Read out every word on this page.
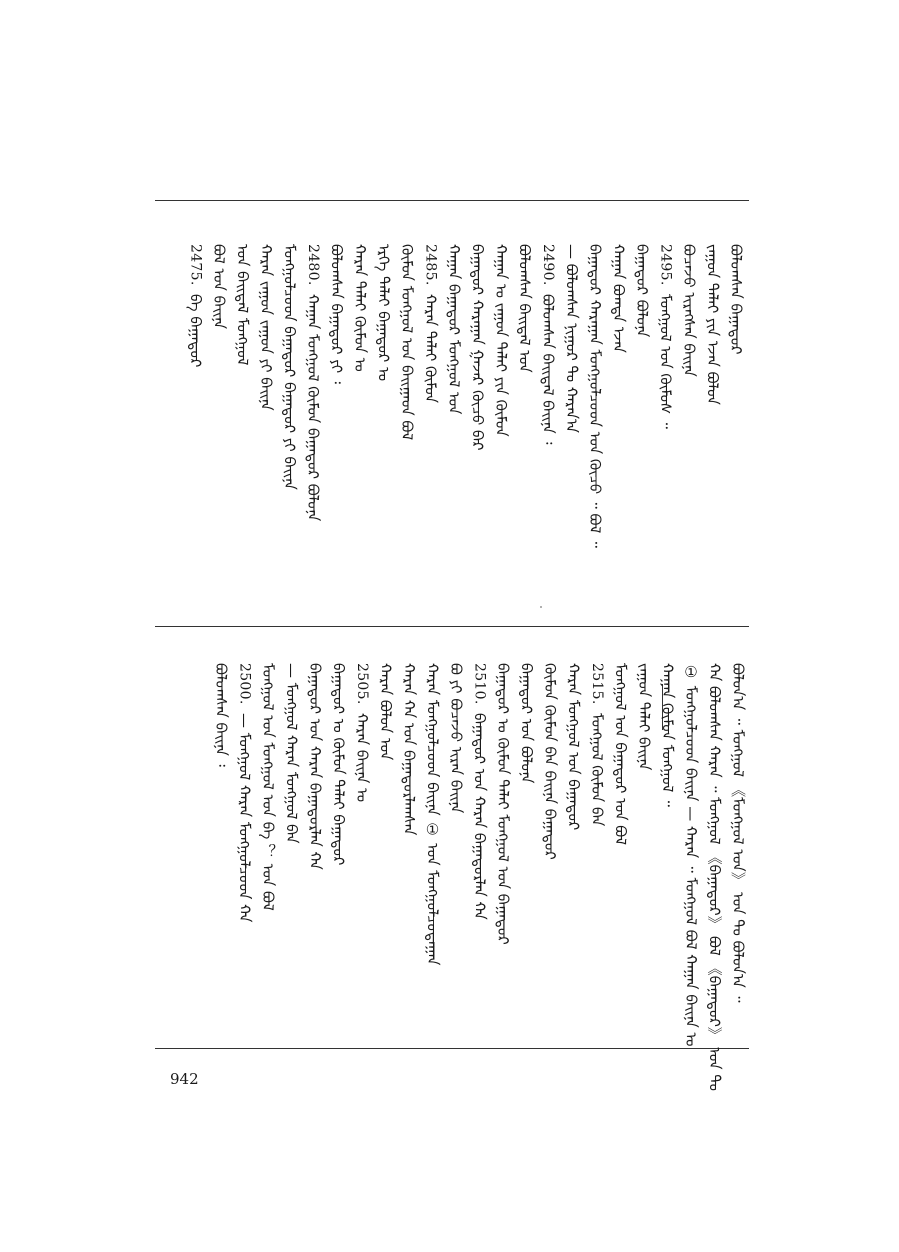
ᠪᠣᠯᠤᠭᠰᠠᠨ ᠪᠠᠭᠠᠳᠤᠷ
ᠵᠠᠭᠤᠨ ᠳᠠᠯᠠᠢ ᠶᠢᠨ ᠡᠵᠡᠨ ᠪᠣᠯᠣᠨ
ᠪᠤᠴᠠᠵᠤ ᠢᠷᠡᠭᠰᠡᠨ ᠪᠠᠢᠨᠠ
2495.ᠮᠣᠩᠭᠣᠯ ᠤᠨ ᠬᠦᠮᠦᠰ ᠃
ᠪᠠᠭᠠᠳᠤᠷ ᠪᠣᠯᠤᠨᠠ
ᠬᠠᠭᠠᠨ ᠪᠣᠭᠳᠠ ᠡᠵᠡᠨ
ᠪᠠᠭᠠᠳᠤᠷ ᠬᠠᠷᠠᠭᠠᠨ ᠮᠣᠩᠭᠣᠯᠴᠤᠳ ᠤᠨ ᠬᠦᠴᠦ ᠃ ᠪᠣᠯ ᠃
— ᠪᠣᠯᠤᠭᠰᠠᠨ ᠨᠢᠭᠤᠷ ᠲᠤ ᠬᠠᠷᠠᠨ᠎ᠠ
2490.ᠪᠣᠯᠤᠭᠰᠠᠨ ᠪᠠᠢᠳᠠᠯ ᠪᠠᠢᠨᠠ ᠄
ᠪᠣᠯᠤᠭᠰᠠᠨ ᠪᠠᠢᠳᠠᠯ ᠤᠨ
ᠬᠠᠭᠠᠨ ᠤ ᠵᠠᠭᠤᠨ ᠳᠠᠯᠠᠢ ᠶᠢᠨ ᠬᠦᠮᠦᠨ
ᠪᠠᠭᠠᠳᠤᠷ ᠬᠠᠷᠠᠭᠠᠨ ᠭᠠᠵᠠᠷ ᠬᠦᠴᠦ ᠪᠡᠷ
ᠬᠠᠭᠠᠨ ᠪᠠᠭᠠᠳᠤᠷ ᠮᠣᠩᠭᠣᠯ ᠤᠨ
2485.ᠬᠠᠷᠠᠨ ᠳᠠᠯᠠᠢ ᠬᠦᠮᠦᠨ
ᠬᠦᠮᠦᠨ ᠮᠣᠩᠭᠣᠯ ᠤᠨ ᠪᠠᠢᠭᠠᠳ ᠪᠣᠯ
ᠡᠷᠬᠡ ᠳᠠᠯᠠᠢ ᠪᠠᠭᠠᠳᠤᠷ ᠤ
ᠬᠠᠷᠠᠨ ᠳᠠᠯᠠᠢ ᠬᠦᠮᠦᠨ ᠤ
ᠪᠣᠯᠤᠭᠰᠠᠨ ᠪᠠᠭᠠᠳᠤᠷ ᠶᠢ ᠄
2480.ᠬᠠᠭᠠᠨ ᠮᠣᠩᠭᠣᠯ ᠬᠦᠮᠦᠨ ᠪᠠᠭᠠᠳᠤᠷ ᠪᠣᠯᠤᠨᠠ
ᠮᠣᠩᠭᠣᠯᠴᠤᠳ ᠪᠠᠭᠠᠳᠤᠷ ᠪᠠᠭᠠᠳᠤᠷ ᠶᠢ ᠪᠠᠢᠨᠠ
ᠬᠠᠷᠠᠨ ᠵᠠᠭᠤᠨ ᠵᠠᠭᠤᠨ ᠶᠢ ᠪᠠᠢᠨᠠ
ᠤᠨ ᠪᠠᠢᠳᠠᠯ ᠮᠣᠩᠭᠣᠯ
ᠪᠣᠯ ᠤᠨ ᠪᠠᠢᠨᠠ
2475.ᠪᠠ ᠪᠠᠭᠠᠳᠤᠷ
ᠪᠣᠯᠤᠨ᠎ᠠ ᠃ ᠮᠣᠩᠭᠣᠯ 《ᠮᠣᠩᠭᠣᠯ ᠤᠨ》 ᠤᠨ ᠲᠤ ᠪᠣᠯᠤᠨ᠎ᠠ ᠃
ᠬᠠ ᠪᠣᠯᠤᠭᠰᠠᠨ ᠬᠠᠷᠠᠨ ᠃ ᠮᠣᠩᠭᠣᠯ 《ᠪᠠᠭᠠᠳᠤᠷ》 ᠪᠣᠯ 《ᠪᠠᠭᠠᠳᠤᠷ》 ᠤᠨ ᠲᠤ
① ᠮᠣᠩᠭᠣᠯᠴᠤᠳ ᠪᠠᠢᠨᠠ — ᠬᠠᠷᠠᠨ ᠃ ᠮᠣᠩᠭᠣᠯ ᠪᠣᠯ ᠬᠠᠭᠠᠨ ᠪᠠᠢᠨᠠ ᠤ
ᠬᠠᠭᠠᠨ ᠬᠦᠮᠦᠨ ᠮᠣᠩᠭᠣᠯ ᠃
ᠵᠠᠭᠤᠨ ᠳᠠᠯᠠᠢ ᠪᠠᠢᠨᠠ
ᠮᠣᠩᠭᠣᠯ ᠤᠨ ᠪᠠᠭᠠᠳᠤᠷ ᠤᠨ ᠪᠣᠯ
2515.ᠮᠣᠩᠭᠣᠯ ᠬᠦᠮᠦᠨ ᠪᠠᠨ
ᠬᠠᠷᠠᠨ ᠮᠣᠩᠭᠣᠯ ᠤᠨ ᠪᠠᠭᠠᠳᠤᠷ
ᠬᠦᠮᠦᠨ ᠬᠦᠮᠦᠨ ᠪᠠᠨ ᠪᠠᠢᠨᠠ ᠪᠠᠭᠠᠳᠤᠷ
ᠪᠠᠭᠠᠳᠤᠷ ᠤᠨ ᠪᠣᠯᠤᠨᠠ
ᠪᠠᠭᠠᠳᠤᠷ ᠤ ᠬᠦᠮᠦᠨ ᠳᠠᠯᠠᠢ ᠮᠣᠩᠭᠣᠯ ᠤᠨ ᠪᠠᠭᠠᠳᠤᠷ
2510.ᠪᠠᠭᠠᠳᠤᠷ ᠤᠨ ᠬᠠᠷᠠᠨ ᠪᠠᠭᠠᠳᠤᠷᠯᠠᠨ ᠬᠠ
ᠪᠤ ᠶᠢ ᠪᠤᠴᠠᠵᠤ ᠢᠷᠡᠨ ᠪᠠᠢᠨᠠ
ᠬᠠᠷᠠᠨ ᠮᠣᠩᠭᠣᠯᠴᠤᠳ ᠪᠠᠢᠨᠠ ① ᠤᠨ ᠮᠣᠩᠭᠣᠯᠴᠤᠳᠠᠭᠠᠨ
ᠬᠠᠷᠠᠨ ᠬᠠ ᠤᠨ ᠪᠠᠭᠠᠳᠤᠷᠯᠠᠭᠰᠠᠨ
ᠬᠠᠷᠠᠨ ᠪᠣᠯᠤᠨ ᠤᠨ
2505.ᠬᠠᠷᠠᠨ ᠪᠠᠢᠨᠠ ᠤ
ᠪᠠᠭᠠᠳᠤᠷ ᠤ ᠬᠦᠮᠦᠨ ᠳᠠᠯᠠᠢ ᠪᠠᠭᠠᠳᠤᠷ
ᠪᠠᠭᠠᠳᠤᠷ ᠤᠨ ᠬᠠᠷᠠᠨ ᠪᠠᠭᠠᠳᠤᠷᠯᠠᠨ ᠬᠠ
— ᠮᠣᠩᠭᠣᠯ ᠬᠠᠷᠠᠨ ᠮᠣᠩᠭᠣᠯ ᠪᠠᠨ
ᠮᠣᠩᠭᠣᠯ ᠤᠨ ᠮᠣᠩᠭᠣᠯ ᠤᠨ ᠪᠠ ？ ᠤᠨ ᠪᠣᠯ
2500.— ᠮᠣᠩᠭᠣᠯ ᠬᠠᠷᠠᠨ ᠮᠣᠩᠭᠣᠯᠴᠤᠳ ᠬᠠ
ᠪᠣᠯᠤᠭᠰᠠᠨ ᠪᠠᠢᠨᠠ ᠄
942
